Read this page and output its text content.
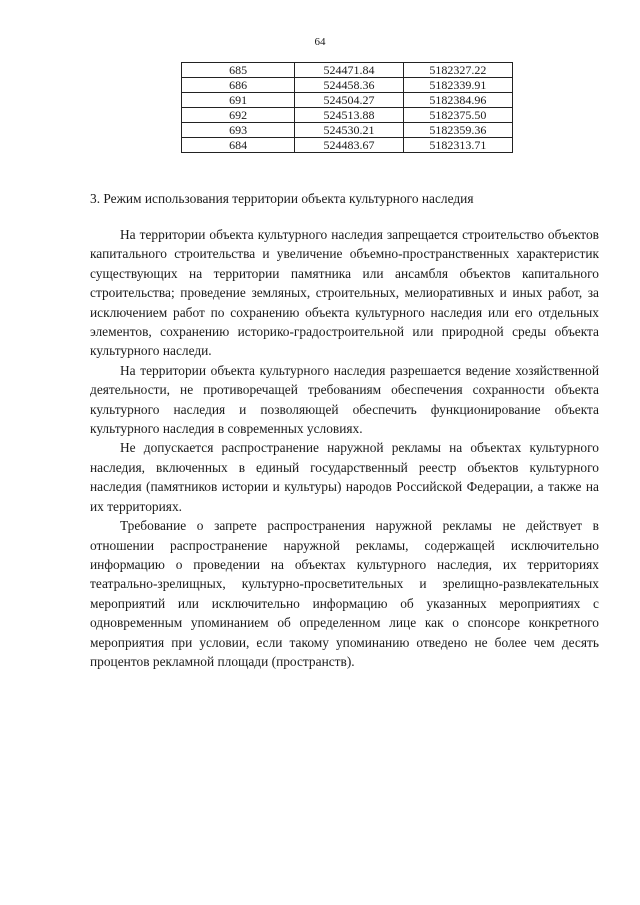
64
685	524471.84	5182327.22
686	524458.36	5182339.91
691	524504.27	5182384.96
692	524513.88	5182375.50
693	524530.21	5182359.36
684	524483.67	5182313.71
3. Режим использования территории объекта культурного наследия

На территории объекта культурного наследия запрещается строительство объектов капитального строительства и увеличение объемно-пространственных характеристик существующих на территории памятника или ансамбля объектов капитального строительства; проведение земляных, строительных, мелиоративных и иных работ, за исключением работ по сохранению объекта культурного наследия или его отдельных элементов, сохранению историко-градостроительной или природной среды объекта культурного наследи.

На территории объекта культурного наследия разрешается ведение хозяйственной деятельности, не противоречащей требованиям обеспечения сохранности объекта культурного наследия и позволяющей обеспечить функционирование объекта культурного наследия в современных условиях.

Не допускается распространение наружной рекламы на объектах культурного наследия, включенных в единый государственный реестр объектов культурного наследия (памятников истории и культуры) народов Российской Федерации, а также на их территориях.

Требование о запрете распространения наружной рекламы не действует в отношении распространение наружной рекламы, содержащей исключительно информацию о проведении на объектах культурного наследия, их территориях театрально-зрелищных, культурно-просветительных и зрелищно-развлекательных мероприятий или исключительно информацию об указанных мероприятиях с одновременным упоминанием об определенном лице как о спонсоре конкретного мероприятия при условии, если такому упоминанию отведено не более чем десять процентов рекламной площади (пространств).
